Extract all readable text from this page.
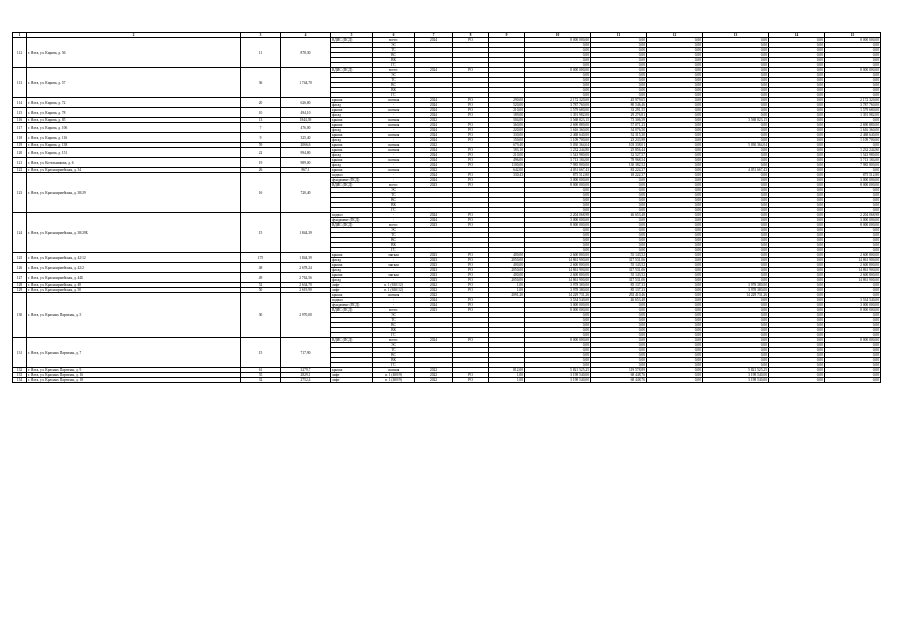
1	2	3	4	5	6	7	8	9	10	11	12	13	14	15
112	г. Ялта, ул. Кирова, д. 56	11	878,30	ВДИС (ПСД)	всего:	2024	РО		8 000 000,00	0,00	0,00	0,00	0,00	8 000 000,00
					ЭС				0,00	0,00	0,00	0,00	0,00	0,00
					ТС				0,00	0,00	0,00	0,00	0,00	0,00
					ВС				0,00	0,00	0,00	0,00	0,00	0,00
					ВК				0,00	0,00	0,00	0,00	0,00	0,00
					ГС				0,00	0,00	0,00	0,00	0,00	0,00
113	г. Ялта, ул. Кирова, д. 57	36	1 744,70	ВДИС (ПСД)	всего:	2024	РО		8 000 000,00	0,00	0,00	0,00	0,00	8 000 000,00
					ЭС				0,00	0,00	0,00	0,00	0,00	0,00
					ТС				0,00	0,00	0,00	0,00	0,00	0,00
					ВС				0,00	0,00	0,00	0,00	0,00	0,00
					ВК				0,00	0,00	0,00	0,00	0,00	0,00
					ГС				0,00	0,00	0,00	0,00	0,00	0,00
114	г. Ялта, ул. Кирова, д. 72	20	626,80	крыша	скатная	2024	РО	290,00	2 172 320,00	45 979,05	0,00	0,00	0,00	2 172 320,00
				фасад	-	2024	РО	520,00	3 787 760,00	80 546,46	0,00	0,00	0,00	3 787 760,00
115	г. Ялта, ул. Кирова, д. 78	10	494,10	крыша	скатная	2024	РО	210,00	1 579 680,00	33 291,55	0,00	0,00	0,00	1 579 680,00
				фасад	-	2024	РО	189,00	1 391 982,00	29 276,81	0,00	0,00	0,00	1 391 982,00
116	г. Ялта, ул. Кирова, д. 85	13	1844,39	крыша	скатная	2022		504,00	3 568 823,15	73 306,59	0,00	3 568 823,15	0,00	0,00
117	г. Ялта, ул. Кирова, д. 106	7	476,00	крыша	скатная	2024	РО	360,00	2 690 880,00	57 071,23	0,00	0,00	0,00	2 690 880,00
				фасад	-	2024	РО	220,00	1 616 360,00	34 076,50	0,00	0,00	0,00	1 616 360,00
118	г. Ялта, ул. Кирова, д. 116	9	325,40	крыша	скатная	2024	РО	330,00	2 468 640,00	52 315,30	0,00	0,00	0,00	2 468 640,00
				фасад	-	2024	РО	150,00	1 109 700,00	23 233,98	0,00	0,00	0,00	1 109 700,00
119	г. Ялта, ул. Кирова, д. 138	59	2066,6	крыша	скатная	2022		679,40	5 030 364,04	103 338,01	0,00	5 030 364,04	0,00	0,00
120	г. Ялта, ул. Кирова, д. 151	22	994,80	крыша	скатная	2024	РО	183,10	1 232 244,80	25 856,44	0,00	0,00	0,00	1 232 244,80
				фасад	-	2024	РО	210,00	1 543 980,00	32 527,57	0,00	0,00	0,00	1 543 980,00
121	г. Ялта, ул. Котельникова, д. 6	19	989,00	крыша	скатная	2024	РО	496,00	3 713 184,00	78 968,54	0,00	0,00	0,00	3 713 184,00
				фасад	-	2024	РО	1100,00	7 985 800,00	130 382,52	0,00	0,00	0,00	7 985 800,00
122	г. Ялта, ул. Красноармейская, д. 34	26	867,1	крыша	скатная	2022		642,00	4 051 667,43	83 224,37	0,00	4 051 667,43	0,00	0,00
123	г. Ялта, ул. Красноармейская, д. 38/29	16	720,40	подвал	-	2024	РО	330,43	875 512,80	18 222,37	0,00	0,00	0,00	875 512,80
				фундамент (ПСД)	-	2024	РО		3 000 000,00	0,00	0,00	0,00	0,00	3 000 000,00
				ВДИС (ПСД)	всего:	2023	РО		8 000 000,00	0,00	0,00	0,00	0,00	8 000 000,00
					ЭС				0,00	0,00	0,00	0,00	0,00	0,00
					ТС				0,00	0,00	0,00	0,00	0,00	0,00
					ВС				0,00	0,00	0,00	0,00	0,00	0,00
					ВК				0,00	0,00	0,00	0,00	0,00	0,00
					ГС				0,00	0,00	0,00	0,00	0,00	0,00
124	г. Ялта, ул. Красноармейская, д. 38/29Б	15	1 844,39	подвал	-	2024	РО		2 204 068,98	46 653,48	0,00	0,00	0,00	2 204 068,98
				фундамент (ПСД)	-	2024	РО		3 000 000,00	0,00	0,00	0,00	0,00	3 000 000,00
				ВДИС (ПСД)	всего:	2023	РО		8 000 000,00	0,00	0,00	0,00	0,00	8 000 000,00
					ЭС				0,00	0,00	0,00	0,00	0,00	0,00
					ТС				0,00	0,00	0,00	0,00	0,00	0,00
					ВС				0,00	0,00	0,00	0,00	0,00	0,00
					ВК				0,00	0,00	0,00	0,00	0,00	0,00
					ГС				0,00	0,00	0,00	0,00	0,00	0,00
125	г. Ялта, ул. Красноармейская, д. 42/12	175	1 844,39	крыша	мягкая	2023	РО	400,00	2 600 800,00	55 143,52	0,00	0,00	0,00	2 600 800,00
				фасад	-	2023	РО	2050,00	14 861 900,00	317 531,06	0,00	0,00	0,00	14 861 900,00
126	г. Ялта, ул. Красноармейская, д. 42/2	48	2 678,24	крыша	мягкая	2023	РО	400,00	2 600 800,00	55 143,52	0,00	0,00	0,00	2 600 800,00
				фасад	-	2023	РО	2050,00	14 861 900,00	317 531,06	0,00	0,00	0,00	14 861 900,00
127	г. Ялта, ул. Красноармейская, д. 44Б	49	2 762,56	крыша	мягкая	2023	РО	400,00	2 600 800,00	55 143,52	0,00	0,00	0,00	2 600 800,00
				фасад	-	2023	РО	2050,00	14 861 900,00	317 531,06	0,00	0,00	0,00	14 861 900,00
128	г. Ялта, ул. Красноармейская, д. 48	52	2 634,70	лифт	п. 1 (630/12)	2022	РО	1,00	3 978 380,00	85 137,33	0,00	3 978 380,00	0,00	0,00
129	г. Ялта, ул. Красноармейская, д. 50	50	2 619,90	лифт	п. 1 (630/12)	2022	РО	1,00	3 978 380,00	85 137,33	0,00	3 978 380,00	0,00	0,00
130	г. Ялта, ул. Красных Партизан, д. 5	30	2 970,00	крыша	скатная	2022		2091,20	14 229 731,26	292 410,46	0,00	14 229 731,26	0,00	0,00
				подвал	-	2024	РО		3 534 540,00	46 653,48	0,00	0,00	0,00	3 534 540,00
				фундамент (ПСД)	-	2024	РО		3 000 000,00	0,00	0,00	0,00	0,00	3 000 000,00
				ВДИС (ПСД)	всего:	2023	РО		8 000 000,00	0,00	0,00	0,00	0,00	8 000 000,00
					ЭС				0,00	0,00	0,00	0,00	0,00	0,00
					ТС				0,00	0,00	0,00	0,00	0,00	0,00
					ВС				0,00	0,00	0,00	0,00	0,00	0,00
					ВК				0,00	0,00	0,00	0,00	0,00	0,00
					ГС				0,00	0,00	0,00	0,00	0,00	0,00
131	г. Ялта, ул. Красных Партизан, д. 7	15	717,90	ВДИС (ПСД)	всего:	2024	РО		8 000 000,00	0,00	0,00	0,00	0,00	8 000 000,00
					ЭС				0,00	0,00	0,00	0,00	0,00	0,00
					ТС				0,00	0,00	0,00	0,00	0,00	0,00
					ВС				0,00	0,00	0,00	0,00	0,00	0,00
					ВК				0,00	0,00	0,00	0,00	0,00	0,00
					ГС				0,00	0,00	0,00	0,00	0,00	0,00
132	г. Ялта, ул. Красных Партизан, д. 9	61	3279,7	крыша	скатная	2022		812,00	5 821 525,25	119 578,89	0,00	5 821 525,25	0,00	0,00
133	г. Ялта, ул. Красных Партизан, д. 16	35	2829,1	лифт	п. 1 (400/9)	2022	РО	1,00	3 198 540,00	68 448,76	0,00	3 198 540,00	0,00	0,00
134	г. Ялта, ул. Красных Партизан, д. 18	32	2752,4	лифт	п. 1 (400/9)	2022	РО	1,00	3 198 540,00	68 448,76	0,00	3 198 540,00	0,00	0,00
